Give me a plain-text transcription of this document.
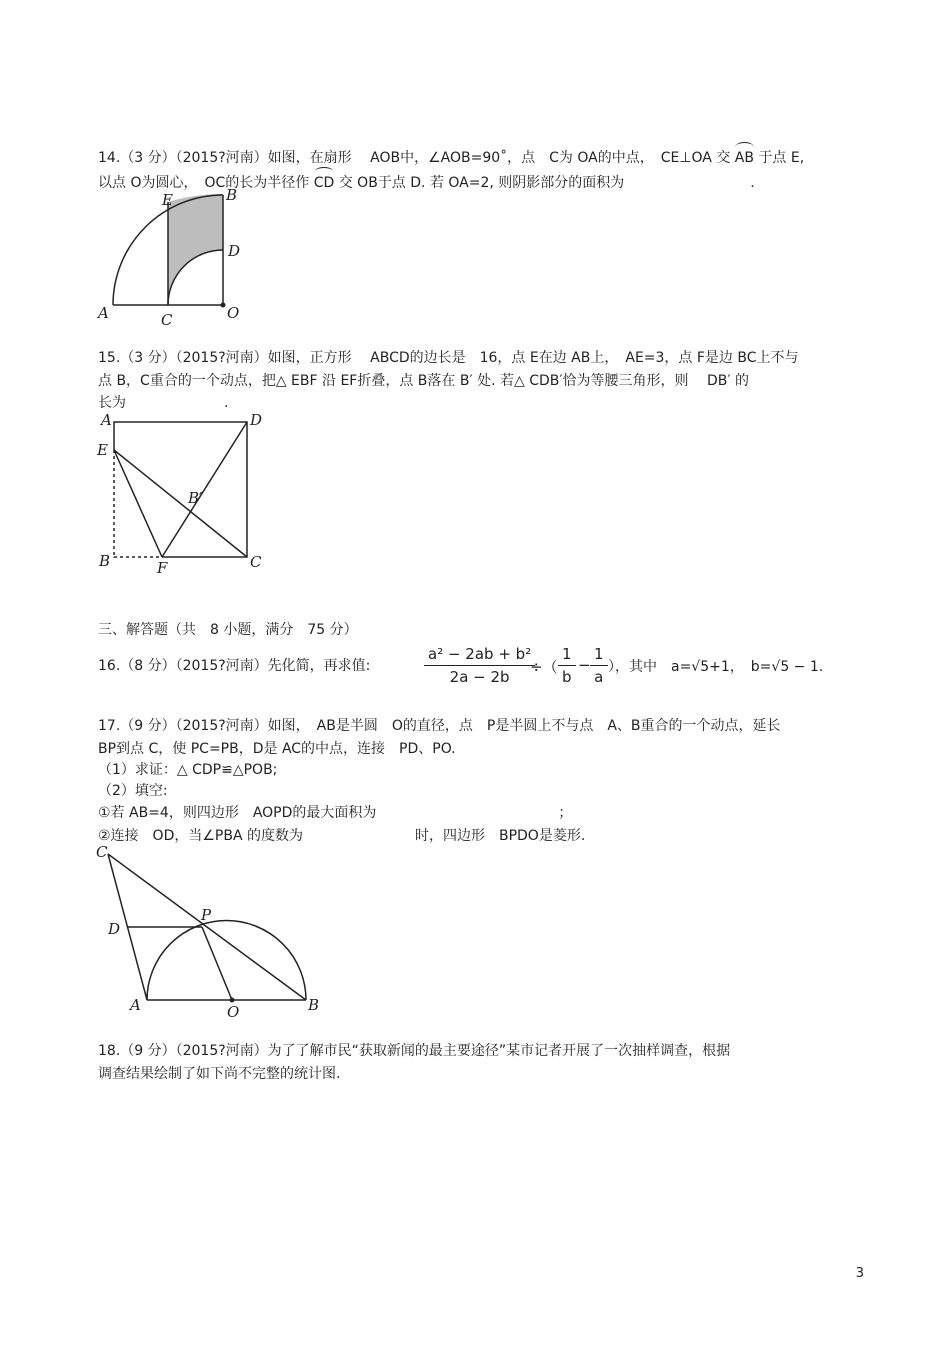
14.（3 分）（2015?河南）如图，在扇形　 AOB中，∠AOB=90˚，点　C为 OA的中点，　CE⊥OA 交 AB 于点 E,
以点 O为圆心，　OC的长为半径作 CD 交 OB于点 D. 若 OA=2, 则阴影部分的面积为　　　　　　　　　.
E	B
D
A	C	O
15.（3 分）（2015?河南）如图，正方形　 ABCD的边长是　16，点 E在边 AB上，　AE=3，点 F是边 BC上不与
点 B，C重合的一个动点，把△ EBF 沿 EF折叠，点 B落在 B′ 处. 若△ CDB′恰为等腰三角形，则　 DB′ 的
长为　　　　　　　.
A	D
E
B′
B	F	C
三、解答题（共　8 小题，满分　75 分）
16.（8 分）（2015?河南）先化简，再求值:	$\frac{\text{a² − 2ab + b²}}{2a - 2b}$
÷（ $\frac{1}{b} - \frac{1}{a}$ ），其中　a=√5+1，　b=√5 − 1.
17.（9 分）（2015?河南）如图，　AB是半圆　O的直径，点　P是半圆上不与点　A、B重合的一个动点，延长
BP到点 C，使 PC=PB，D是 AC的中点，连接　PD、PO.
（1）求证：△ CDP≌△POB;
（2）填空:
①若 AB=4，则四边形　AOPD的最大面积为　　　　　　　　　　　　　；
②连接　OD，当∠PBA 的度数为　　　　　　　　时，四边形　BPDO是菱形.
C
D
P
A	O	B
18.（9 分）（2015?河南）为了了解市民“获取新闻的最主要途径”某市记者开展了一次抽样调查，根据
调查结果绘制了如下尚不完整的统计图.
3
